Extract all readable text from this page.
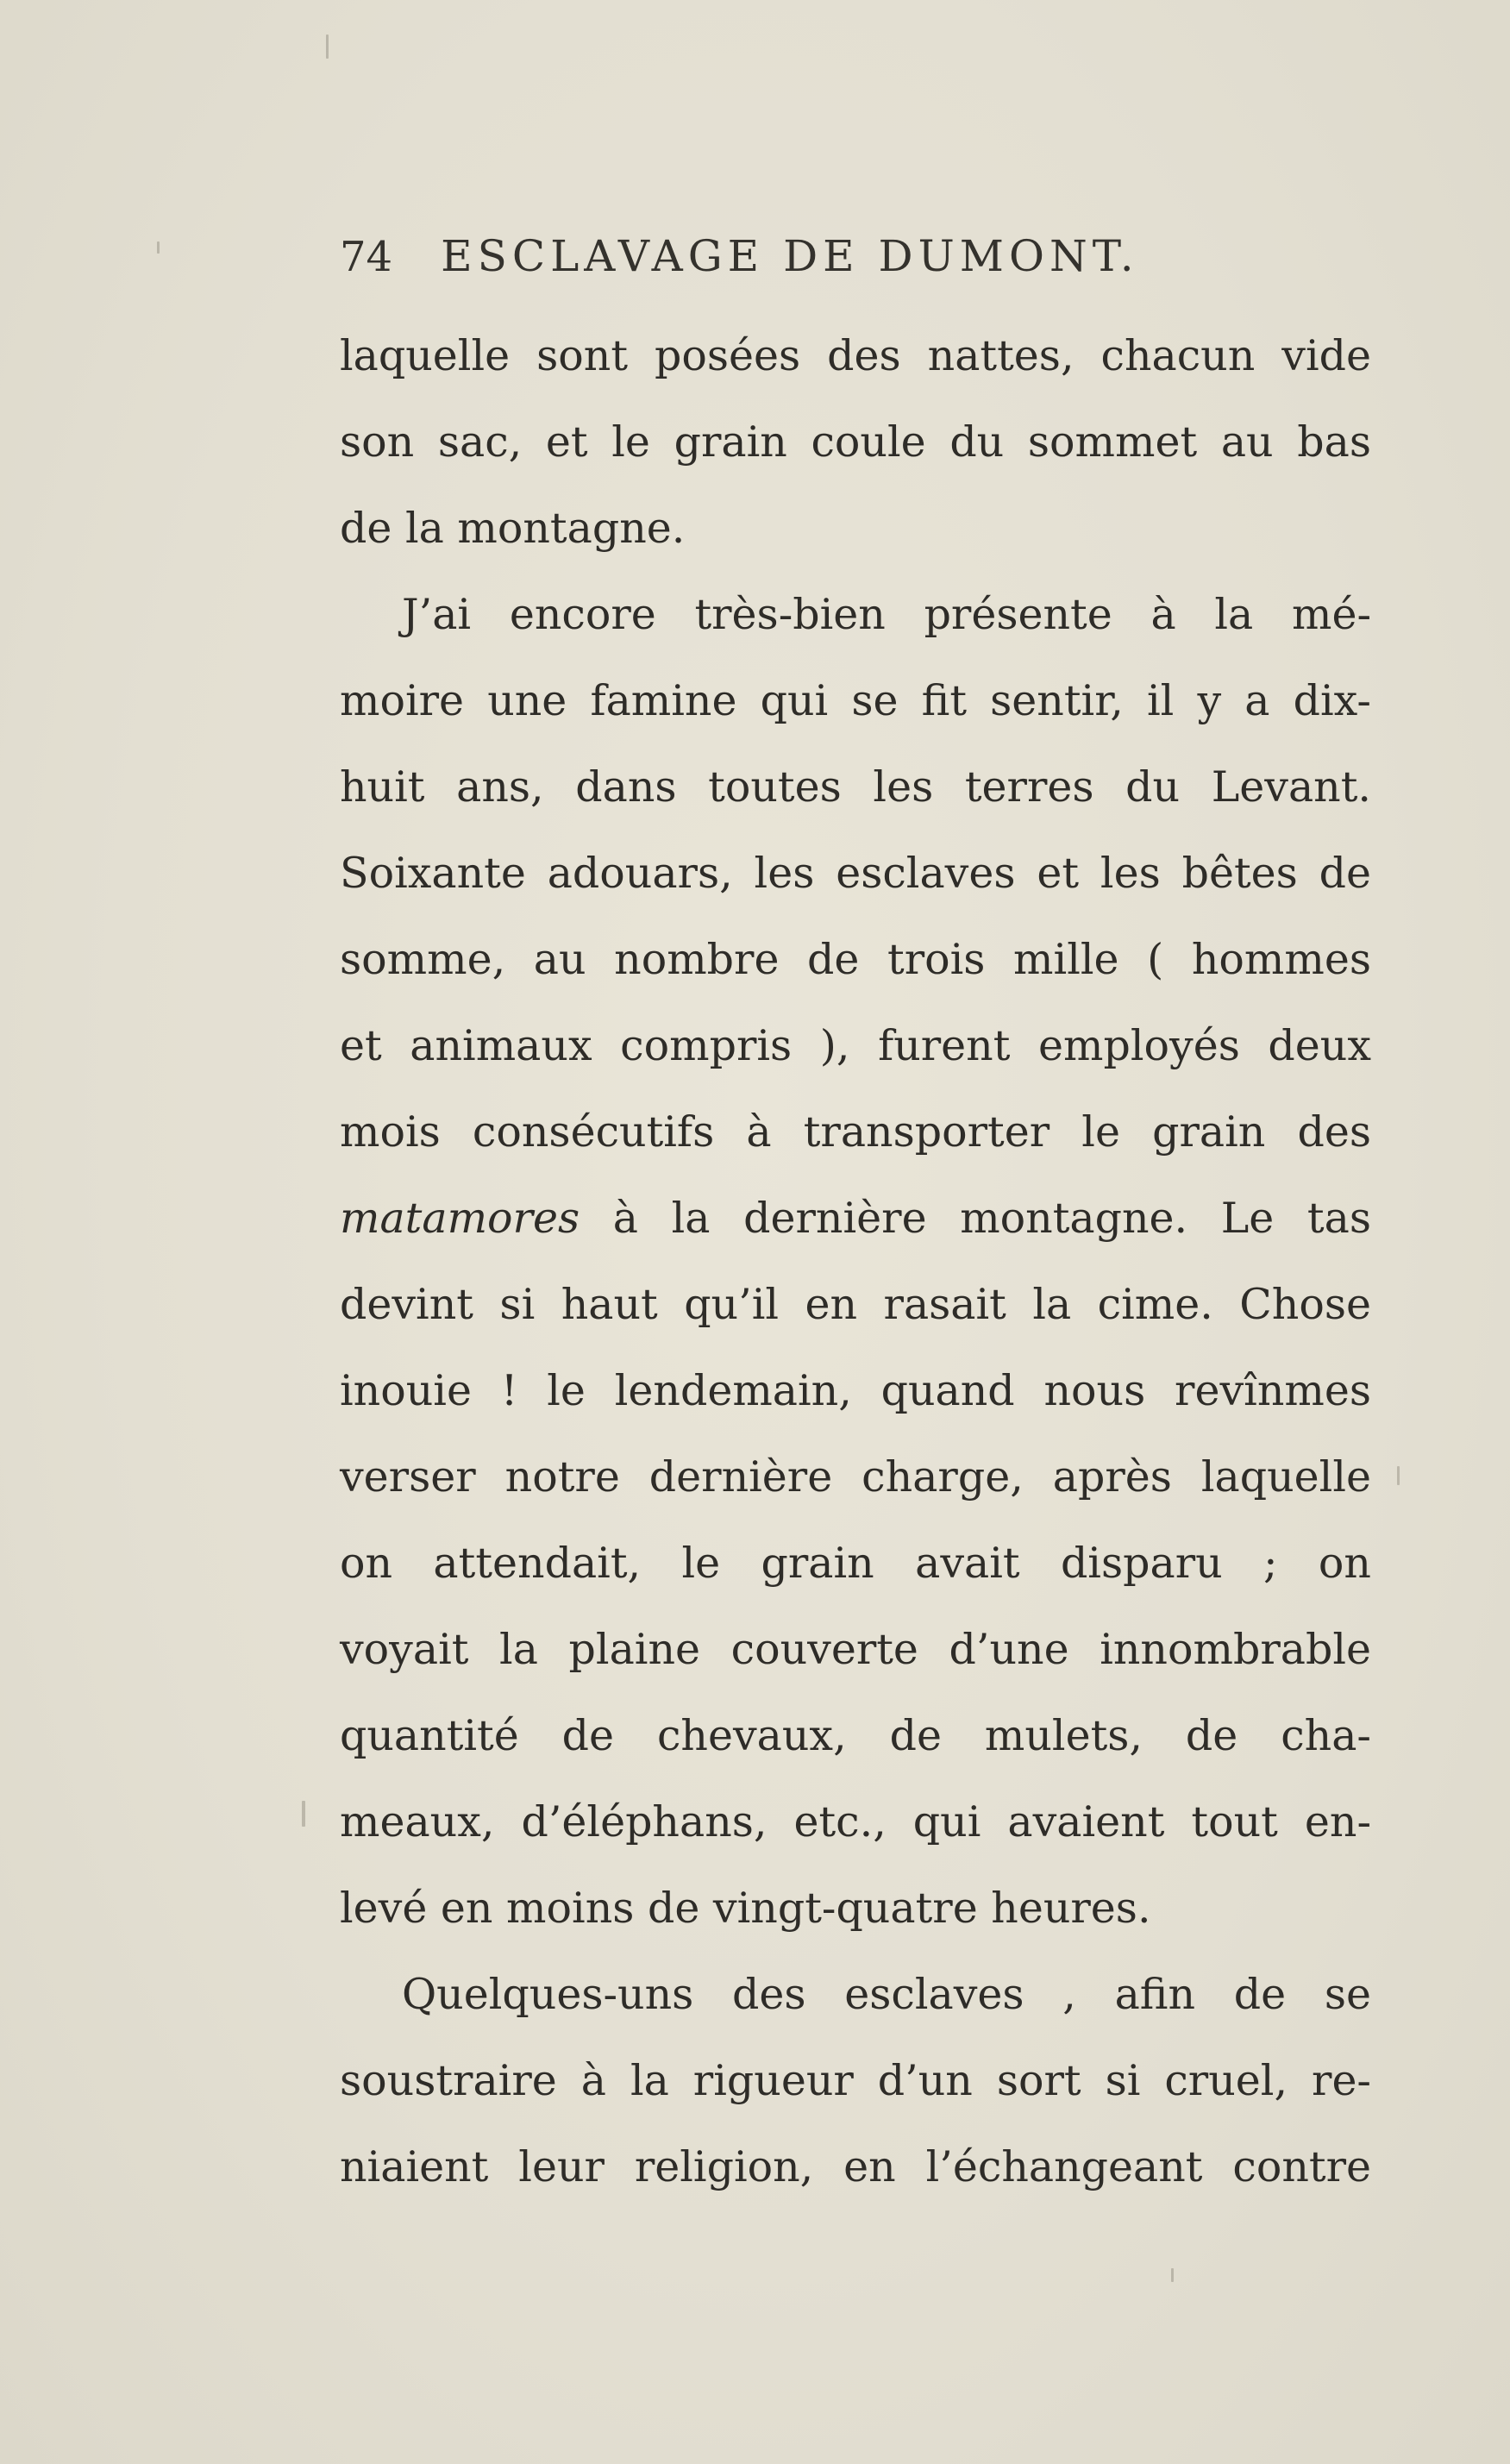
74 ESCLAVAGE DE DUMONT.
laquelle sont posées des nattes, chacun vide
son sac, et le grain coule du sommet au bas
de la montagne.
J’ai encore très-bien présente à la mé-
moire une famine qui se fit sentir, il y a dix-
huit ans, dans toutes les terres du Levant.
Soixante adouars, les esclaves et les bêtes de
somme, au nombre de trois mille ( hommes
et animaux compris ), furent employés deux
mois consécutifs à transporter le grain des
matamores à la dernière montagne. Le tas
devint si haut qu’il en rasait la cime. Chose
inouie ! le lendemain, quand nous revînmes
verser notre dernière charge, après laquelle
on attendait, le grain avait disparu ; on
voyait la plaine couverte d’une innombrable
quantité de chevaux, de mulets, de cha-
meaux, d’éléphans, etc., qui avaient tout en-
levé en moins de vingt-quatre heures.
Quelques-uns des esclaves , afin de se
soustraire à la rigueur d’un sort si cruel, re-
niaient leur religion, en l’échangeant contre
